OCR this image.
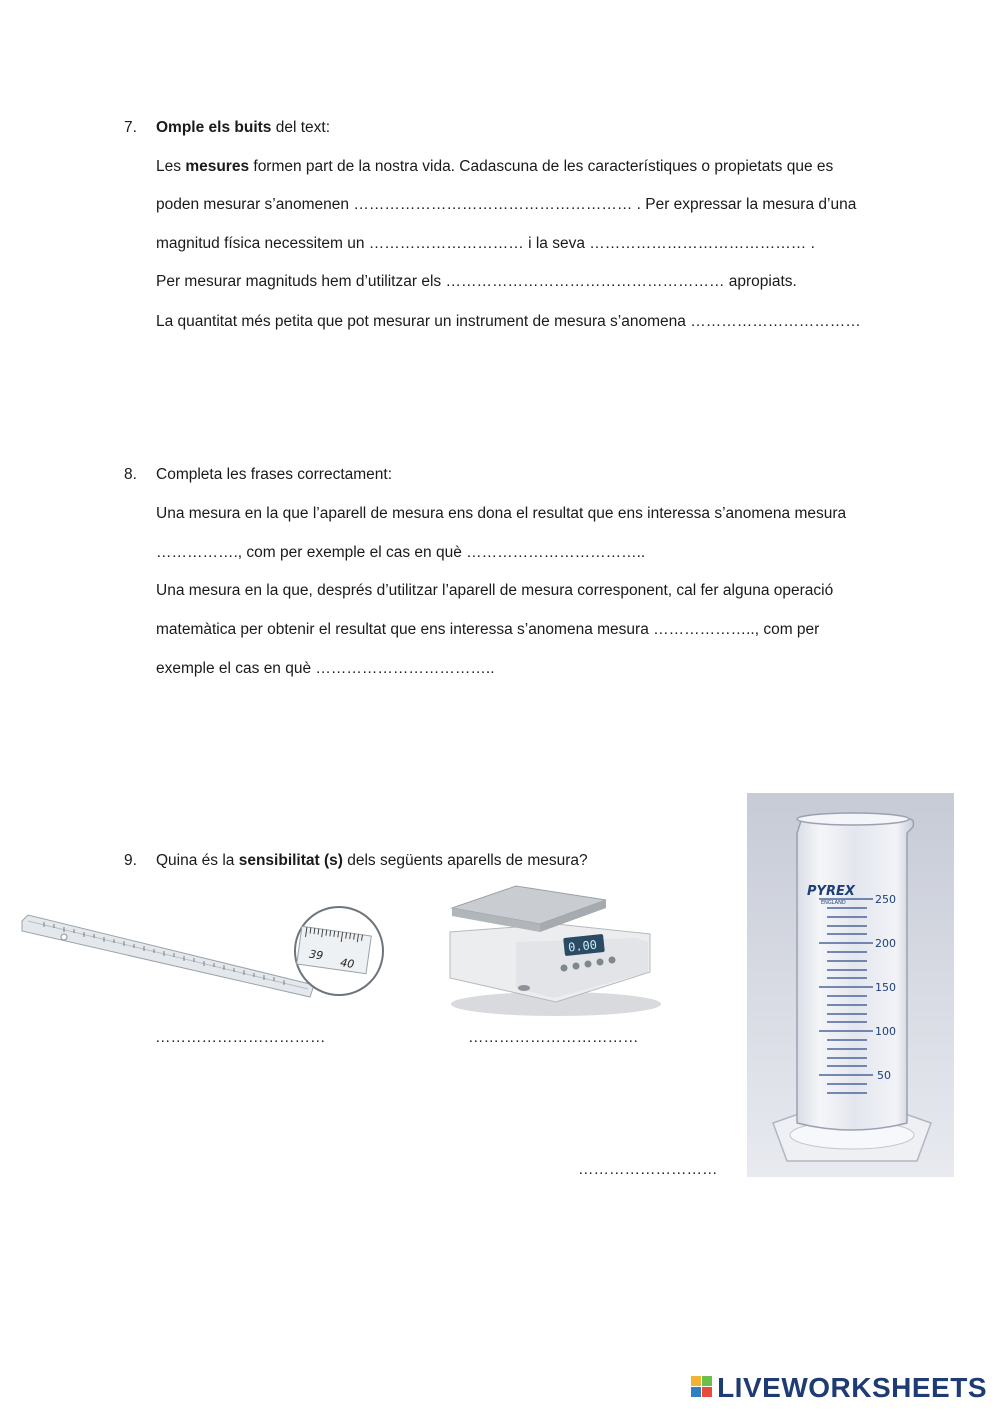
7. Omple els buits del text:
Les mesures formen part de la nostra vida. Cadascuna de les característiques o propietats que es
poden mesurar s’anomenen ……………………………………………… . Per expressar la mesura d’una
magnitud física necessitem un ………………………… i la seva …………………………………… .
Per mesurar magnituds hem d’utilitzar els ……………………………………………… apropiats.
La quantitat més petita que pot mesurar un instrument de mesura s’anomena ……………………………
8. Completa les frases correctament:
Una mesura en la que l’aparell de mesura ens dona el resultat que ens interessa s’anomena mesura
……………., com per exemple el cas en què ……………………………..
Una mesura en la que, després d’utilitzar l’aparell de mesura corresponent, cal fer alguna operació
matemàtica per obtenir el resultat que ens interessa s’anomena mesura ……………….., com per
exemple el cas en què ……………………………..
9. Quina és la sensibilitat (s) dels següents aparells de mesura?
39
40
0.00
……………………………	……………………………
PYREX
ENGLAND	250
200
150
100
50
………………………
LIVEWORKSHEETS
